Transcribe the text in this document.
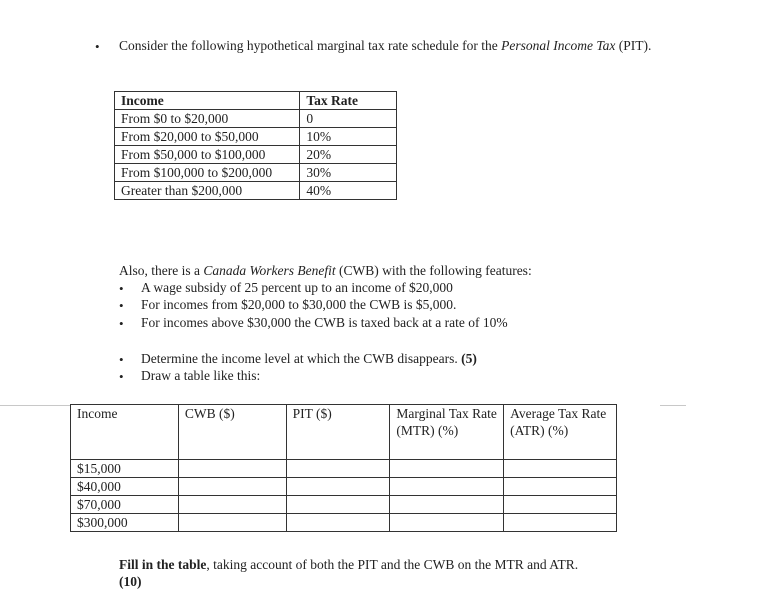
• Consider the following hypothetical marginal tax rate schedule for the Personal Income Tax (PIT).
Income	Tax Rate
From $0 to $20,000	0
From $20,000 to $50,000	10%
From $50,000 to $100,000	20%
From $100,000 to $200,000	30%
Greater than $200,000	40%
Also, there is a Canada Workers Benefit (CWB) with the following features:
• A wage subsidy of 25 percent up to an income of $20,000
• For incomes from $20,000 to $30,000 the CWB is $5,000.
• For incomes above $30,000 the CWB is taxed back at a rate of 10%
• Determine the income level at which the CWB disappears. (5)
• Draw a table like this:
Income	CWB ($)	PIT ($)	Marginal Tax Rate (MTR) (%)	Average Tax Rate (ATR) (%)
$15,000				
$40,000				
$70,000				
$300,000				
Fill in the table, taking account of both the PIT and the CWB on the MTR and ATR.
(10)
